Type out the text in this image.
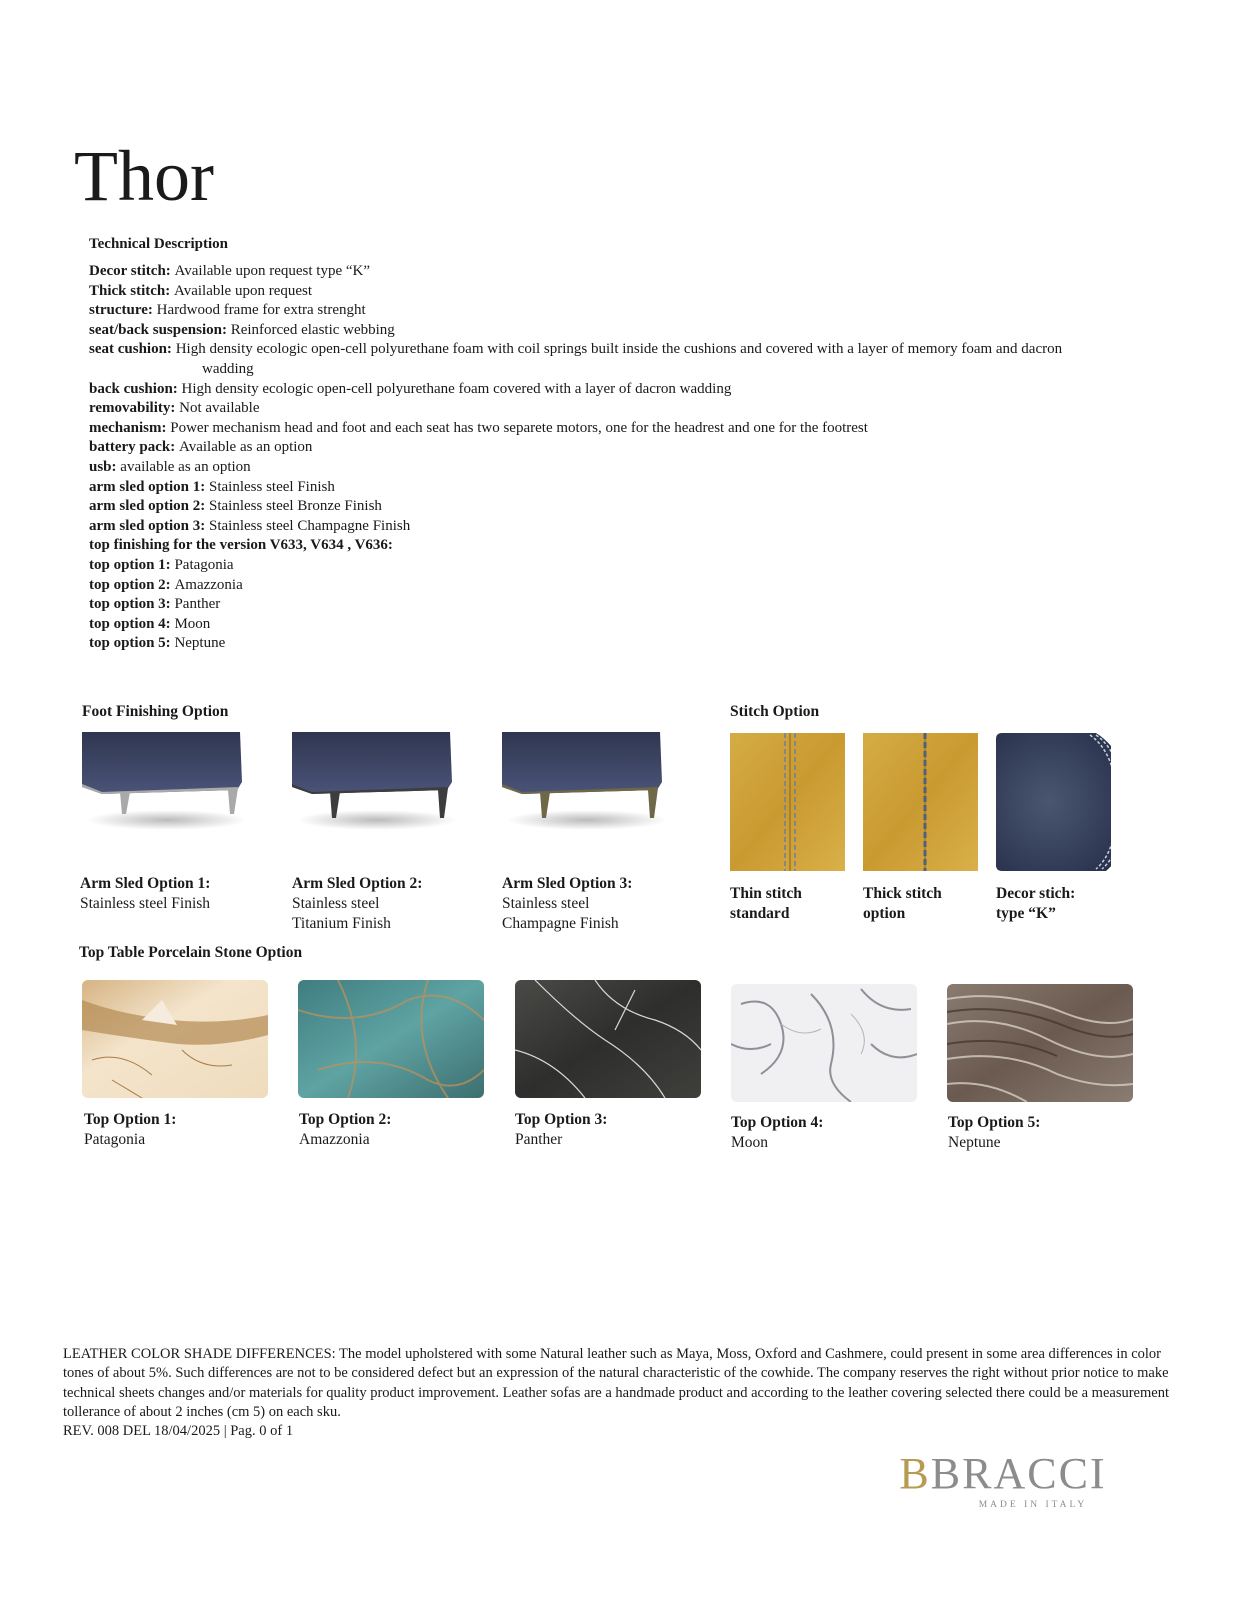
Thor
Technical Description
Decor stitch: Available upon request type “K”
Thick stitch: Available upon request
structure: Hardwood frame for extra strenght
seat/back suspension: Reinforced elastic webbing
seat cushion: High density ecologic open-cell polyurethane foam with coil springs built inside the cushions and covered with a layer of memory foam and dacron
wadding
back cushion: High density ecologic open-cell polyurethane foam covered with a layer of dacron wadding
removability: Not available
mechanism: Power mechanism head and foot and each seat has two separete motors, one for the headrest and one for the footrest
battery pack: Available as an option
usb: available as an option
arm sled option 1: Stainless steel Finish
arm sled option 2: Stainless steel Bronze Finish
arm sled option 3: Stainless steel Champagne Finish
top finishing for the version V633, V634 , V636:
top option 1: Patagonia
top option 2: Amazzonia
top option 3: Panther
top option 4: Moon
top option 5: Neptune
Foot Finishing Option
Arm Sled Option 1:
Stainless steel Finish
Arm Sled Option 2:
Stainless steel
Titanium Finish
Arm Sled Option 3:
Stainless steel
Champagne Finish
Stitch Option
Thin stitch
standard
Thick stitch
option
Decor stich:
type “K”
Top Table Porcelain Stone Option
Top Option 1:
Patagonia
Top Option 2:
Amazzonia
Top Option 3:
Panther
Top Option 4:
Moon
Top Option 5:
Neptune
LEATHER COLOR SHADE DIFFERENCES: The model upholstered with some Natural leather such as Maya, Moss, Oxford and Cashmere, could present in some area differences in color tones of about 5%. Such differences are not to be considered defect but an expression of the natural characteristic of the cowhide. The company reserves the right without prior notice to make technical sheets changes and/or materials for quality product improvement. Leather sofas are a handmade product and according to the leather covering selected there could be a measurement tollerance of about 2 inches (cm 5) on each sku.
REV. 008 DEL 18/04/2025 | Pag. 0 of 1
BBRACCI
MADE IN ITALY
